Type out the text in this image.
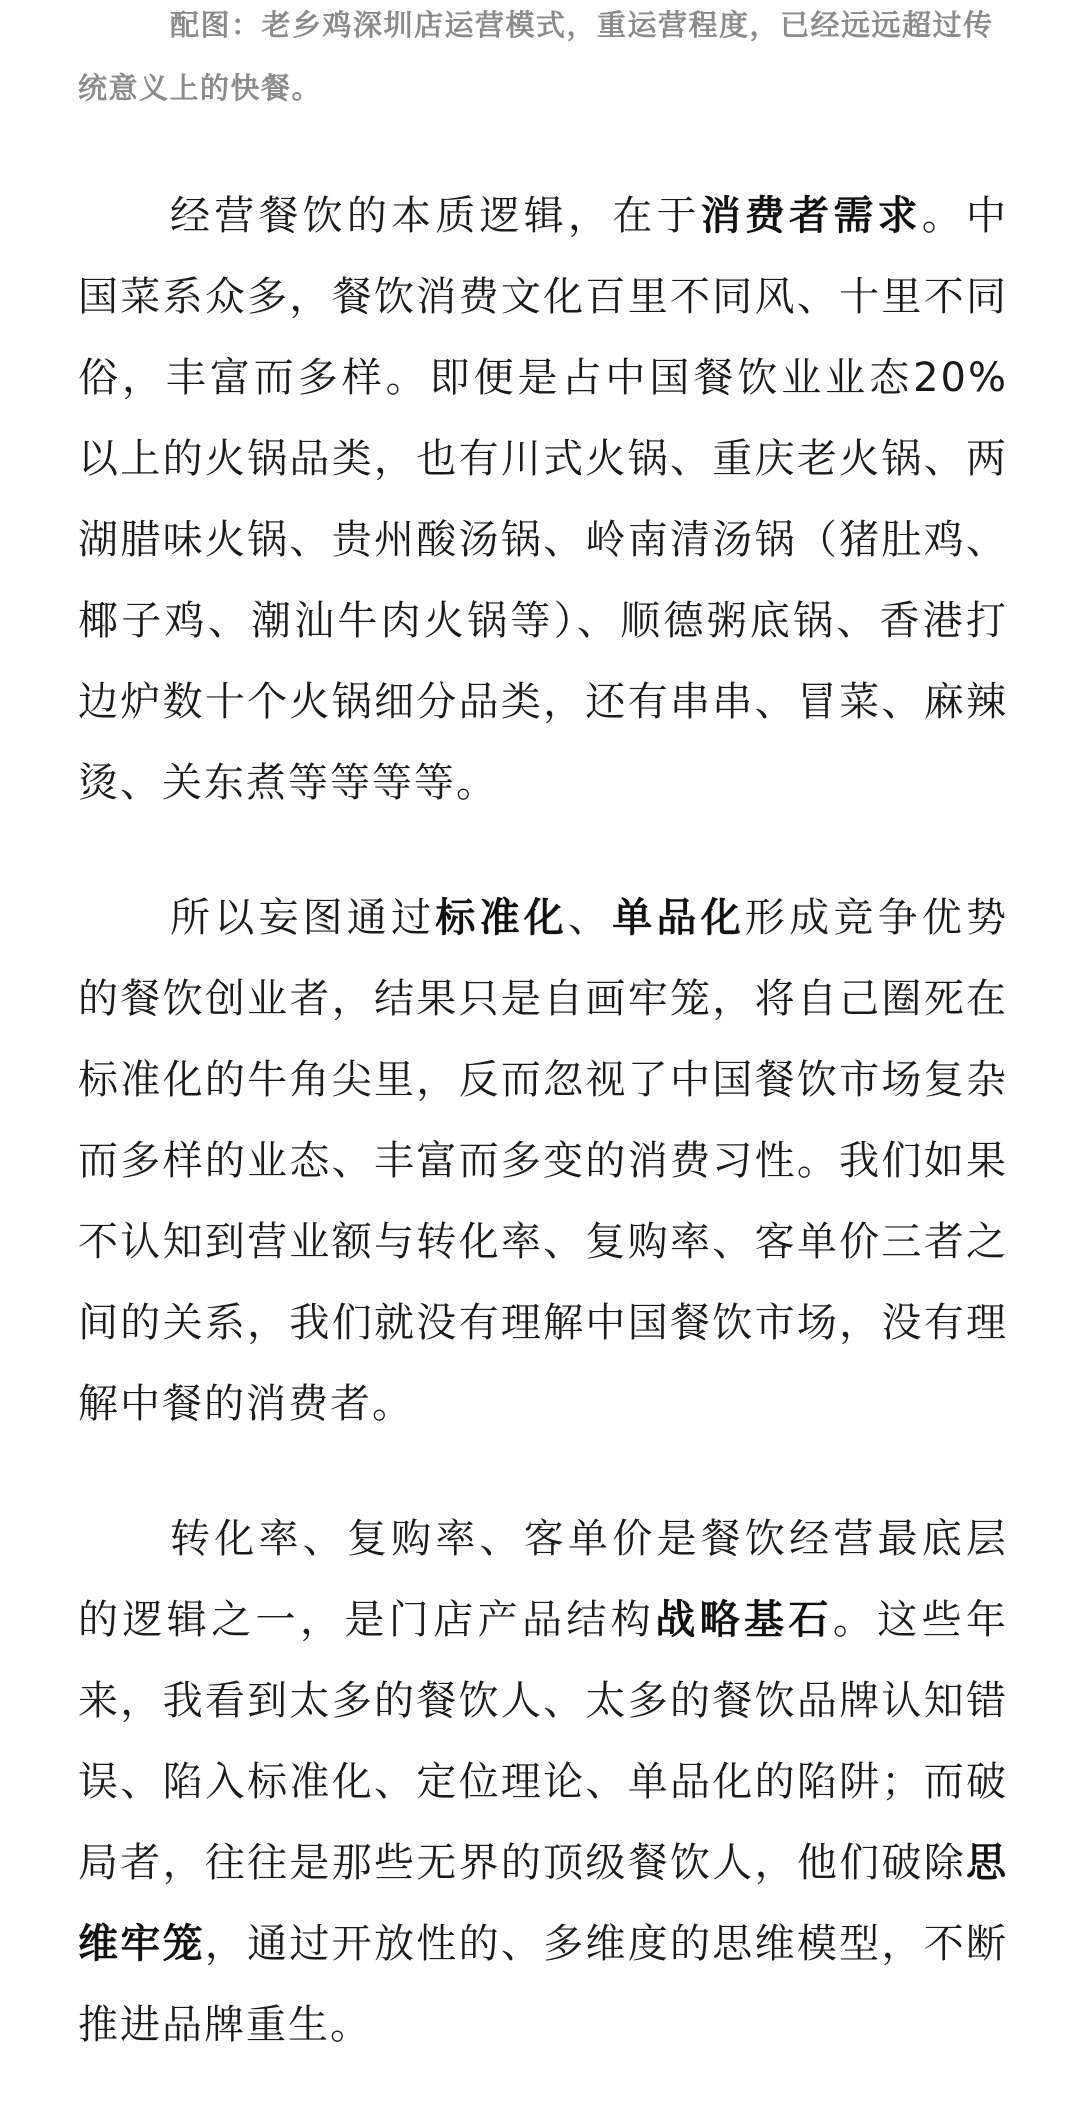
配图：老乡鸡深圳店运营模式，重运营程度，已经远远超过传统意义上的快餐。

经营餐饮的本质逻辑，在于消费者需求。中国菜系众多，餐饮消费文化百里不同风、十里不同俗，丰富而多样。即便是占中国餐饮业业态20%以上的火锅品类，也有川式火锅、重庆老火锅、两湖腊味火锅、贵州酸汤锅、岭南清汤锅（猪肚鸡、椰子鸡、潮汕牛肉火锅等）、顺德粥底锅、香港打边炉数十个火锅细分品类，还有串串、冒菜、麻辣烫、关东煮等等等等。

所以妄图通过标准化、单品化形成竞争优势的餐饮创业者，结果只是自画牢笼，将自己圈死在标准化的牛角尖里，反而忽视了中国餐饮市场复杂而多样的业态、丰富而多变的消费习性。我们如果不认知到营业额与转化率、复购率、客单价三者之间的关系，我们就没有理解中国餐饮市场，没有理解中餐的消费者。

转化率、复购率、客单价是餐饮经营最底层的逻辑之一，是门店产品结构战略基石。这些年来，我看到太多的餐饮人、太多的餐饮品牌认知错误、陷入标准化、定位理论、单品化的陷阱；而破局者，往往是那些无界的顶级餐饮人，他们破除思维牢笼，通过开放性的、多维度的思维模型，不断推进品牌重生。
